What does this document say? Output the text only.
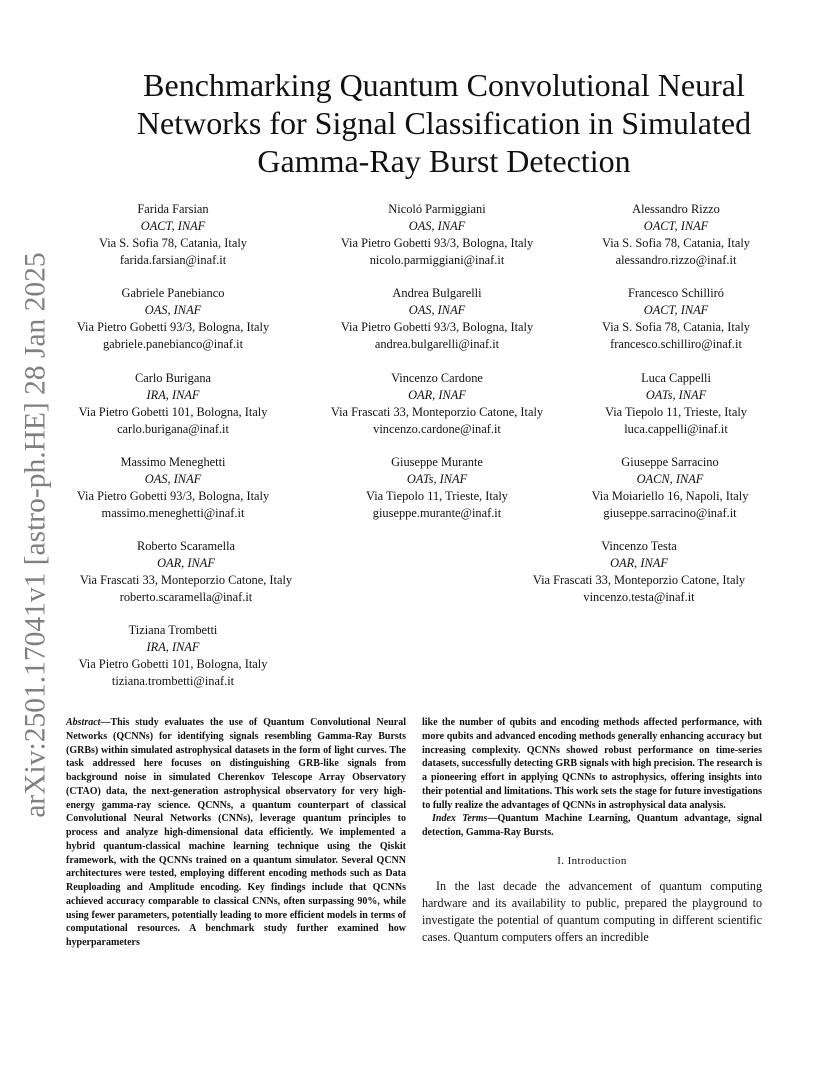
arXiv:2501.17041v1 [astro-ph.HE] 28 Jan 2025
Benchmarking Quantum Convolutional Neural
Networks for Signal Classification in Simulated
Gamma-Ray Burst Detection
Farida Farsian
OACT, INAF
Via S. Sofia 78, Catania, Italy
farida.farsian@inaf.it
Nicoló Parmiggiani
OAS, INAF
Via Pietro Gobetti 93/3, Bologna, Italy
nicolo.parmiggiani@inaf.it
Alessandro Rizzo
OACT, INAF
Via S. Sofia 78, Catania, Italy
alessandro.rizzo@inaf.it
Gabriele Panebianco
OAS, INAF
Via Pietro Gobetti 93/3, Bologna, Italy
gabriele.panebianco@inaf.it
Andrea Bulgarelli
OAS, INAF
Via Pietro Gobetti 93/3, Bologna, Italy
andrea.bulgarelli@inaf.it
Francesco Schilliró
OACT, INAF
Via S. Sofia 78, Catania, Italy
francesco.schilliro@inaf.it
Carlo Burigana
IRA, INAF
Via Pietro Gobetti 101, Bologna, Italy
carlo.burigana@inaf.it
Vincenzo Cardone
OAR, INAF
Via Frascati 33, Monteporzio Catone, Italy
vincenzo.cardone@inaf.it
Luca Cappelli
OATs, INAF
Via Tiepolo 11, Trieste, Italy
luca.cappelli@inaf.it
Massimo Meneghetti
OAS, INAF
Via Pietro Gobetti 93/3, Bologna, Italy
massimo.meneghetti@inaf.it
Giuseppe Murante
OATs, INAF
Via Tiepolo 11, Trieste, Italy
giuseppe.murante@inaf.it
Giuseppe Sarracino
OACN, INAF
Via Moiariello 16, Napoli, Italy
giuseppe.sarracino@inaf.it
Roberto Scaramella
OAR, INAF
Via Frascati 33, Monteporzio Catone, Italy
roberto.scaramella@inaf.it
Vincenzo Testa
OAR, INAF
Via Frascati 33, Monteporzio Catone, Italy
vincenzo.testa@inaf.it
Tiziana Trombetti
IRA, INAF
Via Pietro Gobetti 101, Bologna, Italy
tiziana.trombetti@inaf.it
Abstract—This study evaluates the use of Quantum Convolutional Neural Networks (QCNNs) for identifying signals resembling Gamma-Ray Bursts (GRBs) within simulated astrophysical datasets in the form of light curves. The task addressed here focuses on distinguishing GRB-like signals from background noise in simulated Cherenkov Telescope Array Observatory (CTAO) data, the next-generation astrophysical observatory for very high-energy gamma-ray science. QCNNs, a quantum counterpart of classical Convolutional Neural Networks (CNNs), leverage quantum principles to process and analyze high-dimensional data efficiently. We implemented a hybrid quantum-classical machine learning technique using the Qiskit framework, with the QCNNs trained on a quantum simulator. Several QCNN architectures were tested, employing different encoding methods such as Data Reuploading and Amplitude encoding. Key findings include that QCNNs achieved accuracy comparable to classical CNNs, often surpassing 90%, while using fewer parameters, potentially leading to more efficient models in terms of computational resources. A benchmark study further examined how hyperparameters
like the number of qubits and encoding methods affected performance, with more qubits and advanced encoding methods generally enhancing accuracy but increasing complexity. QCNNs showed robust performance on time-series datasets, successfully detecting GRB signals with high precision. The research is a pioneering effort in applying QCNNs to astrophysics, offering insights into their potential and limitations. This work sets the stage for future investigations to fully realize the advantages of QCNNs in astrophysical data analysis.
Index Terms—Quantum Machine Learning, Quantum advantage, signal detection, Gamma-Ray Bursts.
I. Introduction
In the last decade the advancement of quantum computing hardware and its availability to public, prepared the playground to investigate the potential of quantum computing in different scientific cases. Quantum computers offers an incredible
